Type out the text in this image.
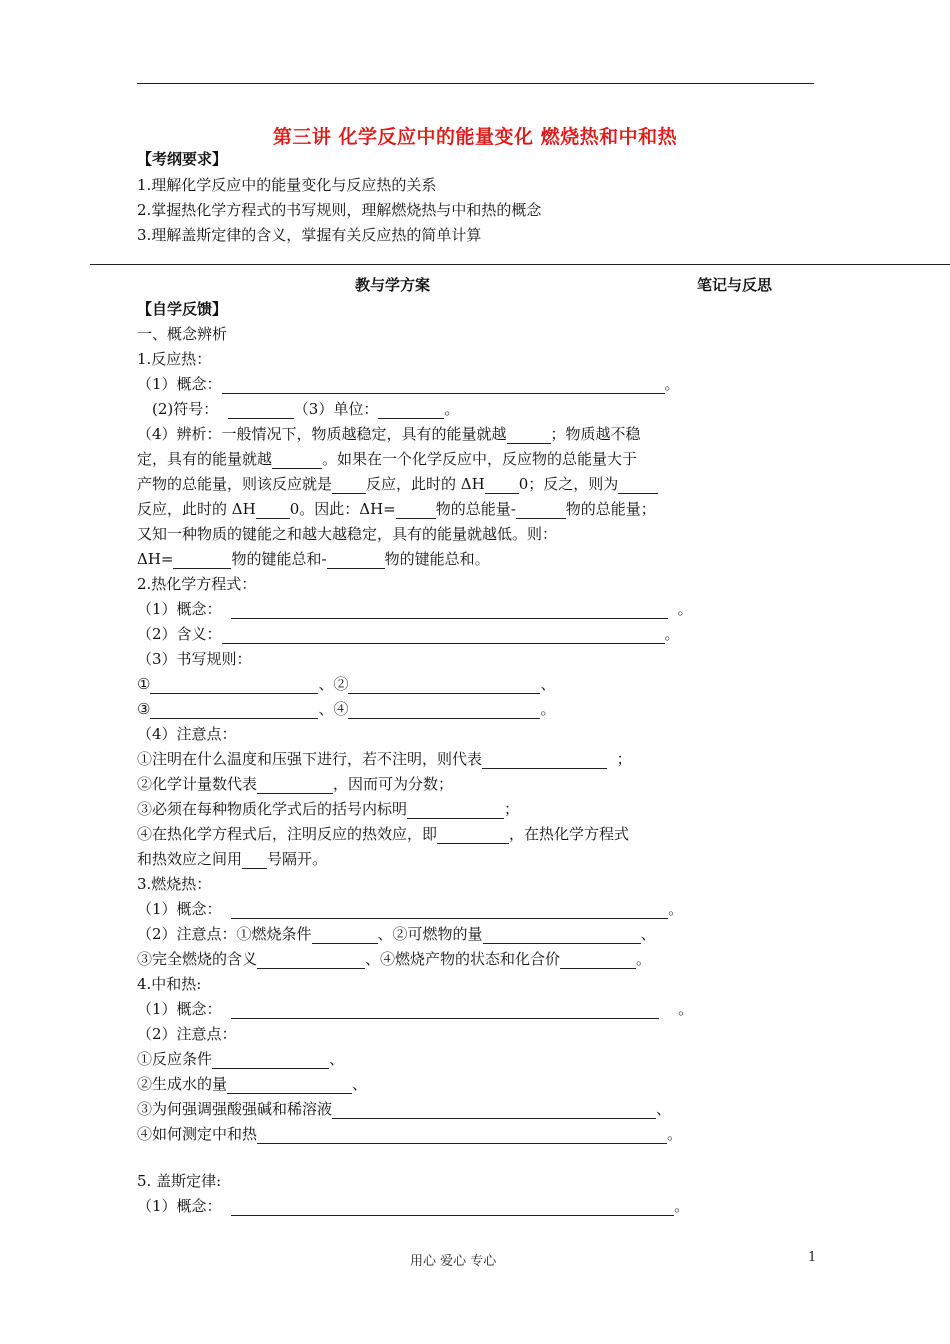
第三讲 化学反应中的能量变化 燃烧热和中和热
【考纲要求】
1.理解化学反应中的能量变化与反应热的关系
2.掌握热化学方程式的书写规则，理解燃烧热与中和热的概念
3.理解盖斯定律的含义，掌握有关反应热的简单计算
教与学方案	笔记与反思
【自学反馈】
一、概念辨析
1.反应热：
（1）概念：	。
(2)符号：	（3）单位：	。
（4）辨析：一般情况下，物质越稳定，具有的能量就越	；物质越不稳
定，具有的能量就越	。如果在一个化学反应中，反应物的总能量大于
产物的总能量，则该反应就是 反应，此时的 ΔH 0；反之，则为
反应，此时的 ΔH 0。因此：ΔH=	物的总能量-	物的总能量；
又知一种物质的键能之和越大越稳定，具有的能量就越低。则：
ΔH=	物的键能总和-	物的键能总和。
2.热化学方程式：
（1）概念：	。
（2）含义：	。
（3）书写规则：
①	、②	、
③	、④	。
（4）注意点：
①注明在什么温度和压强下进行，若不注明，则代表	；
②化学计量数代表	，因而可为分数；
③必须在每种物质化学式后的括号内标明	；
④在热化学方程式后，注明反应的热效应，即	，在热化学方程式
和热效应之间用 号隔开。
3.燃烧热：
（1）概念：	。
（2）注意点：①燃烧条件	、②可燃物的量	、
③完全燃烧的含义	、④燃烧产物的状态和化合价	。
4.中和热:
（1）概念：	。
（2）注意点：
①反应条件	、
②生成水的量	、
③为何强调强酸强碱和稀溶液	、
④如何测定中和热	。
5. 盖斯定律:
（1）概念：	。
用心 爱心 专心	1
